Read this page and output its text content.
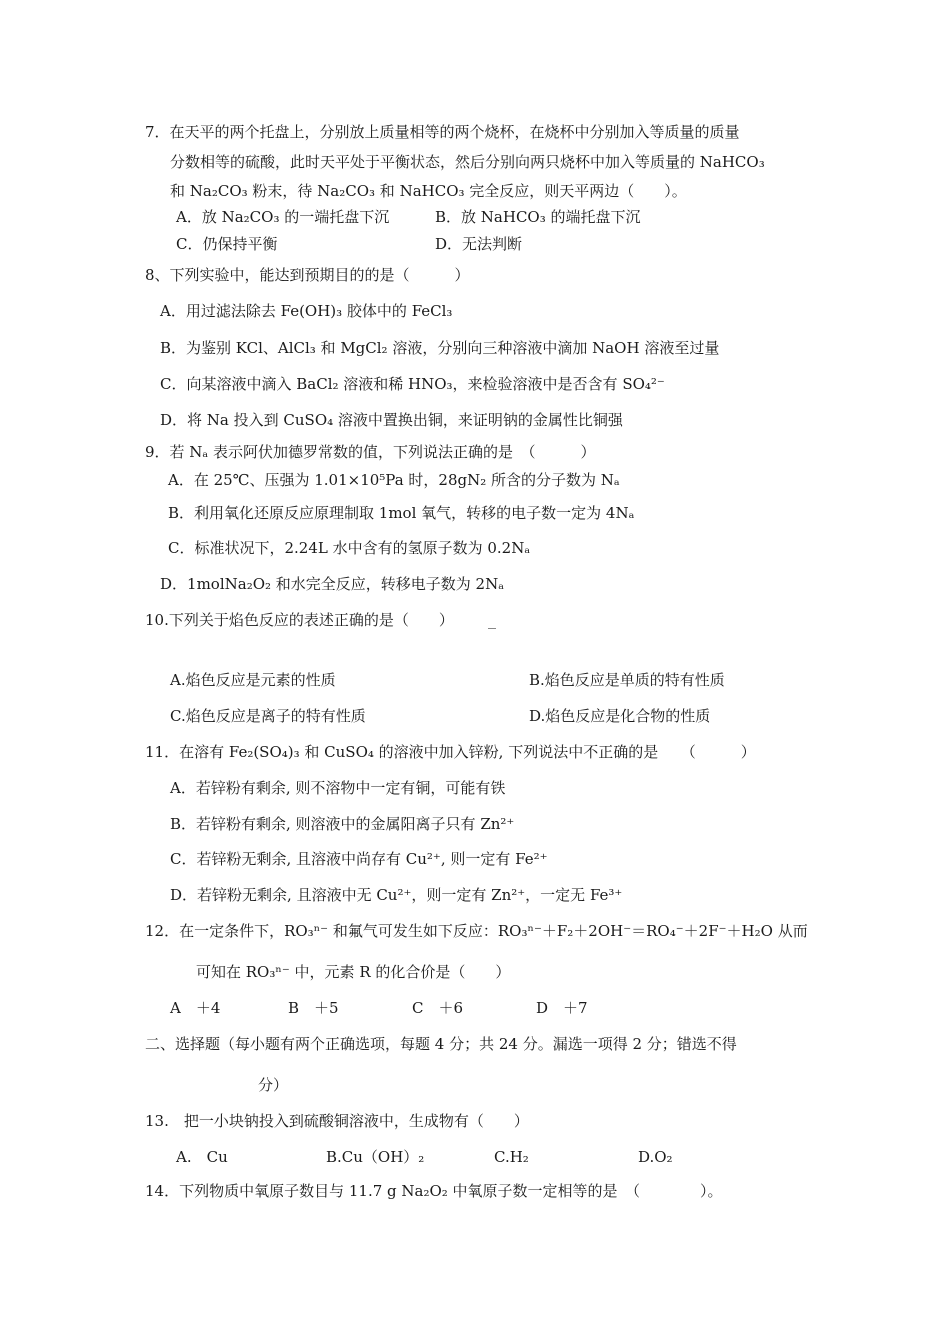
7．在天平的两个托盘上，分别放上质量相等的两个烧杯，在烧杯中分别加入等质量的质量
分数相等的硫酸，此时天平处于平衡状态，然后分别向两只烧杯中加入等质量的 NaHCO₃
和 Na₂CO₃ 粉末，待 Na₂CO₃ 和 NaHCO₃ 完全反应，则天平两边（　　）。
A．放 Na₂CO₃ 的一端托盘下沉	B．放 NaHCO₃ 的端托盘下沉
C．仍保持平衡	D．无法判断
8、下列实验中，能达到预期目的的是（　　　）
A．用过滤法除去 Fe(OH)₃ 胶体中的 FeCl₃
B．为鉴别 KCl、AlCl₃ 和 MgCl₂ 溶液，分别向三种溶液中滴加 NaOH 溶液至过量
C．向某溶液中滴入 BaCl₂ 溶液和稀 HNO₃，来检验溶液中是否含有 SO₄²⁻
D．将 Na 投入到 CuSO₄ 溶液中置换出铜，来证明钠的金属性比铜强
9．若 Nₐ 表示阿伏加德罗常数的值，下列说法正确的是　（　　　）
A．在 25℃、压强为 1.01×10⁵Pa 时，28gN₂ 所含的分子数为 Nₐ
B．利用氧化还原反应原理制取 1mol 氧气，转移的电子数一定为 4Nₐ
C．标准状况下，2.24L 水中含有的氢原子数为 0.2Nₐ
D．1molNa₂O₂ 和水完全反应，转移电子数为 2Nₐ
10.下列关于焰色反应的表述正确的是（　　）
A.焰色反应是元素的性质	B.焰色反应是单质的特有性质
C.焰色反应是离子的特有性质	D.焰色反应是化合物的性质
11．在溶有 Fe₂(SO₄)₃ 和 CuSO₄ 的溶液中加入锌粉, 下列说法中不正确的是　　（　　　）
A．若锌粉有剩余, 则不溶物中一定有铜，可能有铁
B．若锌粉有剩余, 则溶液中的金属阳离子只有 Zn²⁺
C．若锌粉无剩余, 且溶液中尚存有 Cu²⁺, 则一定有 Fe²⁺
D．若锌粉无剩余, 且溶液中无 Cu²⁺，则一定有 Zn²⁺，一定无 Fe³⁺
12．在一定条件下，RO₃ⁿ⁻ 和氟气可发生如下反应：RO₃ⁿ⁻＋F₂＋2OH⁻＝RO₄⁻＋2F⁻＋H₂O 从而
可知在 RO₃ⁿ⁻ 中，元素 R 的化合价是（　　）
A　＋4	B　＋5	C　＋6	D　＋7
二、选择题（每小题有两个正确选项，每题 4 分；共 24 分。漏选一项得 2 分；错选不得
分）
13.　把一小块钠投入到硫酸铜溶液中，生成物有（　　）
A.　Cu	B.Cu（OH）₂	C.H₂	D.O₂
14．下列物质中氧原子数目与 11.7 g Na₂O₂ 中氧原子数一定相等的是　（　　　　）。
